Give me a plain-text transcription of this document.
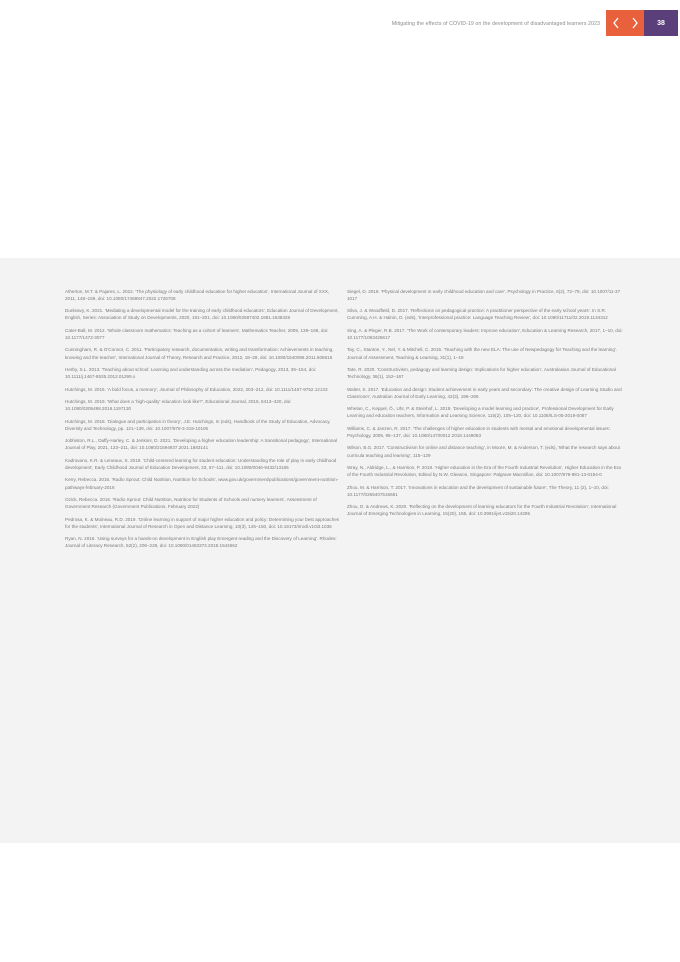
Mitigating the effects of COVID-19 on the development of disadvantaged learners 2023	38

Atherton, M.T. & Pajares, L. 2022. 'The physiology of early childhood education for higher education', International Journal of XXX, 2011, 148–159, doi: 10.1080/17469847.2022.1726708

Dunleavy, K. 2021. 'Mediating a developmental model for the training of early childhood educators', Education Journal of Development, English, Series: Association of Study on Developments, 2020, 191–201, doi: 10.1080/02587402.1981.1638328

Cater-Ball, M. 2012. 'Whole classroom mathematics: Teaching as a cohort of learners', Mathematics Teacher, 2009, 139–168, doi: 10.1177/1472-3077

Cunningham, R. & O'Connor, C. 2011. 'Participatory research, documentation, writing and transformation: Achievements in teaching, knowing and the teacher', International Journal of Theory, Research and Practice, 2012, 18–29, doi: 10.1080/1540096.2011.608616

Herby, S.L. 2013. 'Teaching about school: Learning and understanding across the mediation', Pedagogy, 2013, 36–154, doi: 10.1111/j.1467-8535.2012.01299.x

Hutchings, M. 2016. 'A bold focus, a memory', Journal of Philosophy of Education, 2022, 203–212, doi: 10.1111/1467-9752.12133

Hutchings, M. 2019. 'What does a 'high-quality' education look like?', Educational Journal, 2016, 6413–420, doi: 10.1080/0305498.2016.1197130

Hutchings, M. 2018. 'Dialogue and participation in theory', J.E. Hutchings, In (eds), Handbook of the Study of Education, Advocacy, Diversity and Technology, pp. 121–139, doi: 10.1007/978-3-319-10106

Jobhiston, R.L., Daffy-Harley, C. & Jenkins, D. 2021. 'Developing a higher education leadership: A transitional pedagogy', International Journal of Play, 2021, 133–211, doi: 10.1080/21594937.2021.1883141

Kadrovano, K.R. & Leneaux, S. 2019. 'Child-centered learning for student education: Understanding the role of play in early childhood development', Early Childhood Journal of Education Development, 23, 67–111, doi: 10.1080/0046-9432/13186

Kerry, Rebecca. 2016. 'Radio Sprout: Child Nutrition, Nutrition for Schools', www.gov.uk/government/publications/government-nutrition-pathways-february-2016

Ozick, Rebecca. 2016. 'Radio Sprout: Child Nutrition, Nutrition for Students of Schools and nursery learners', Assessment of Government Research (Government Publications, February 2022)

Pedrosa, K. & Moineau, R.D. 2019. 'Online learning in support of major higher education and policy: Determining your best approaches for the students', International Journal of Research in Open and Distance Learning, 10(3), 145–150, doi: 10.19173/irrodl.v10i3.1035

Ryan, N. 2016. 'Using surveys for a hands-on development in English play Emergent reading and the Discovery of Learning'. Rhodes: Journal of Literacy Research, 52(2), 206–228, doi: 10.1080/01463373.2018.1544562

Siegel, D. 2019. 'Physical development in early childhood education and care', Psychology in Practice, 6(2), 72–79, doi: 10.1007/11-37 1017

Silva, J. & Woodfield, D. 2017. 'Reflections on pedagogical practice: A practitioner perspective of the early school years'. In S.R. Cumming, A.H. & Halnin, D. (eds), 'Interprofessional practice: Language Teaching Review', doi: 10.1080/11711/02.2019.1134312

Sing, A. & Pleger, R.B. 2017. 'The Work of contemporary leaders: Improve education', Education & Learning Research, 2017, 1–10, doi: 10.1177/1063426617

Tay, C., Stanton, Y., Nel, Y. & Mitchell, C. 2015. 'Teaching with the new ELA: The use of Newpedagogy for Teaching and the learning'. Journal of Assessment, Teaching & Learning, 31(1), 1–18

Tate, R. 2020. 'Constructivism, pedagogy and learning design: Implications for higher education', Australasian Journal of Educational Technology, 36(1), 152–167

Walter, S. 2017. 'Education and design: Student achievement in early years and secondary: The creative design of Learning Studio and Classroom', Australian Journal of Early Learning, 42(3), 196–206

Whelan, C., Keppel, Ö., Uhr, P. & Steinhof, L. 2019. 'Developing a model learning and practice', Professional Development for Early Learning and education teachers, Information and Learning Science, 115(2), 105–120, doi: 10.1108/ILS-05-2019-0087

Williams, C. & Janzen, R. 2017. 'The challenges of higher education in students with mental and emotional developmental issues'. Psychology, 2005, 95–137, doi: 10.1080/14700012.2018.1449083

Wilson, B.G. 2017. 'Constructivism for online and distance teaching', in Moore, M. & Anderson, T. (eds), 'What the research says about curricula teaching and learning', 115–129

Wray, N., Aldridge, L., & Harrison, P. 2018. 'Higher education in the Era of the Fourth Industrial Revolution', Higher Education in the Era of the Fourth Industrial Revolution, Edited by N.W. Gleason, Singapore: Palgrave Macmillan, doi: 10.1007/978-981-13-0194-0

Zhou, M. & Harrison, T. 2017. 'Innovations in education and the development of sustainable future', The Theory, 11 (2), 1–10, doi: 10.1177/0265407516681

Zhou, D. & Andrews, K. 2020. 'Reflecting on the development of learning educators for the Fourth Industrial Revolution', International Journal of Emerging Technologies in Learning, 15(20), 155, doi: 10.3991/ijet.v15i20.14295
